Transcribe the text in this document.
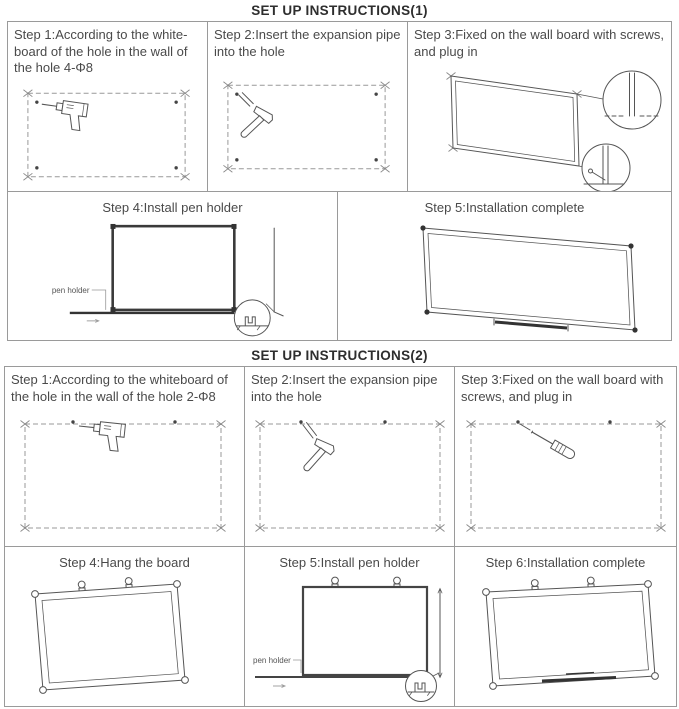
SET UP INSTRUCTIONS(1)
Step 1:According to the white-board of the hole in the wall of the hole 4-Φ8
Step 2:Insert the expansion pipe into the hole
Step 3:Fixed on the wall board with screws, and plug in
Step 4:Install pen holder
pen holder
Step 5:Installation complete
SET UP INSTRUCTIONS(2)
Step 1:According to the whiteboard of the hole in the wall of the hole 2-Φ8
Step 2:Insert the expansion pipe into the hole
Step 3:Fixed on the wall board with screws, and plug in
Step 4:Hang the board	Step 5:Install pen holder
pen holder
Step 6:Installation complete
